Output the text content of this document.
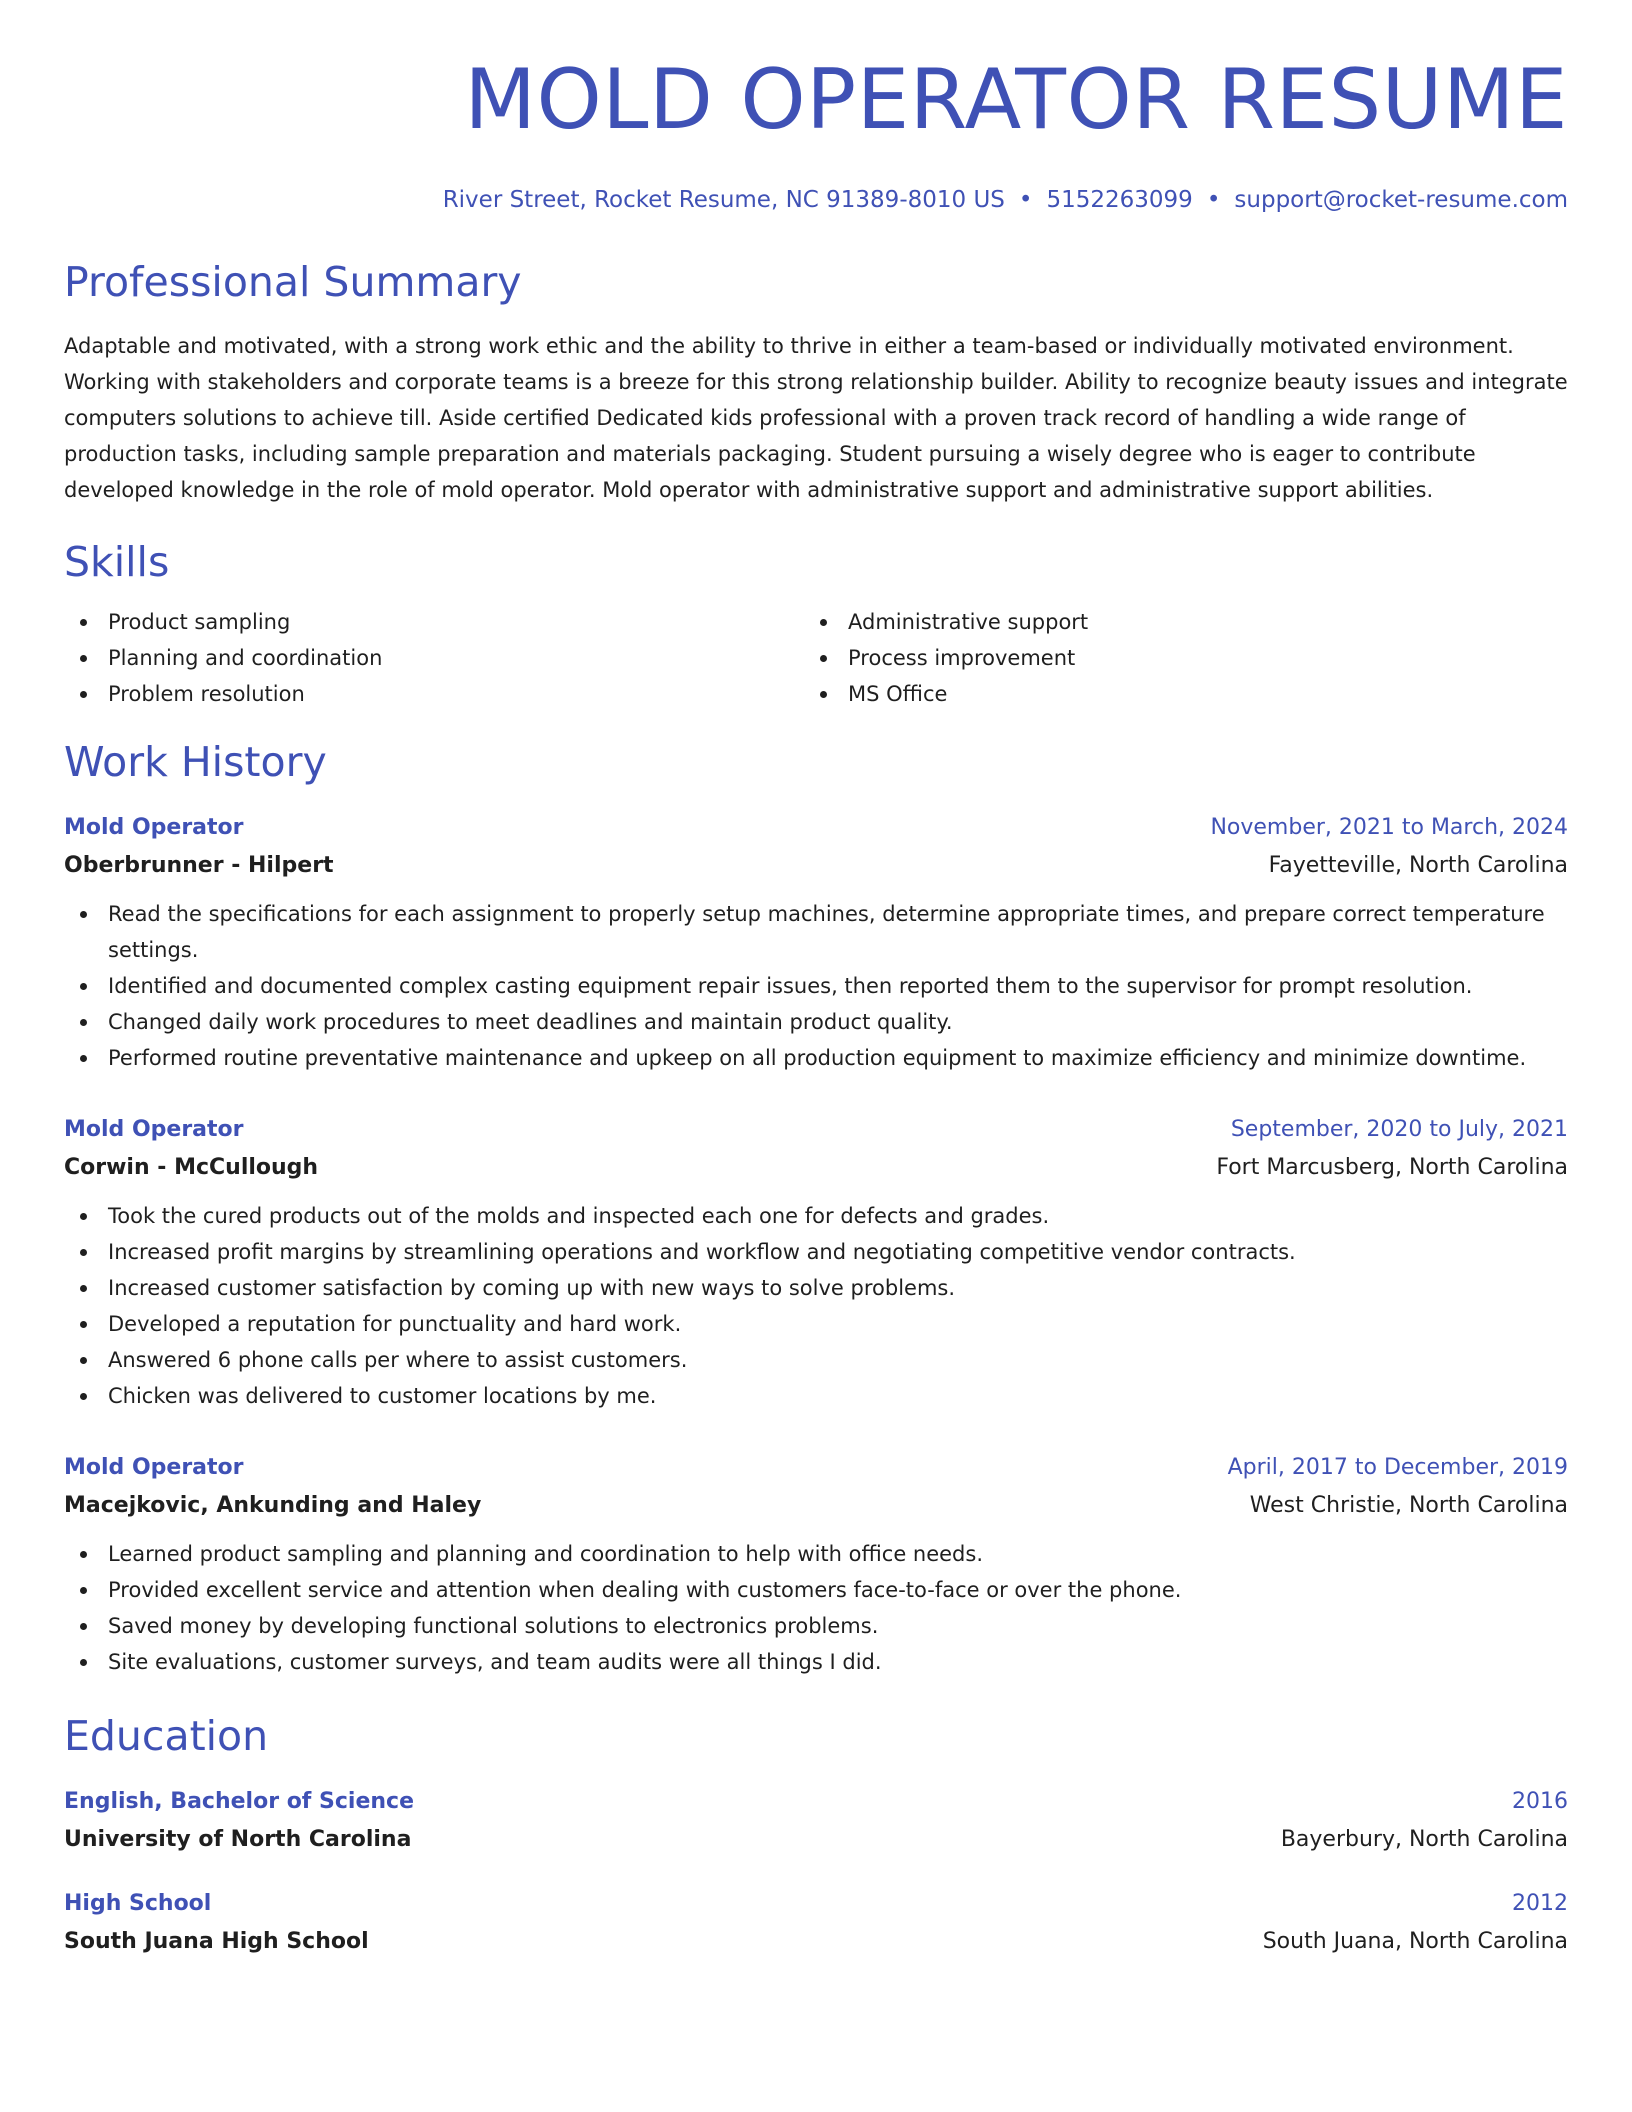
MOLD OPERATOR RESUME
River Street, Rocket Resume, NC 91389-8010 US • 5152263099 • support@rocket-resume.com
Professional Summary

Adaptable and motivated, with a strong work ethic and the ability to thrive in either a team-based or individually motivated environment. Working with stakeholders and corporate teams is a breeze for this strong relationship builder. Ability to recognize beauty issues and integrate computers solutions to achieve till. Aside certified Dedicated kids professional with a proven track record of handling a wide range of production tasks, including sample preparation and materials packaging. Student pursuing a wisely degree who is eager to contribute developed knowledge in the role of mold operator. Mold operator with administrative support and administrative support abilities.

Skills
Product sampling
Planning and coordination
Problem resolution
Administrative support
Process improvement
MS Office
Work History
Mold Operator	November, 2021 to March, 2024
Oberbrunner - Hilpert	Fayetteville, North Carolina
Read the specifications for each assignment to properly setup machines, determine appropriate times, and prepare correct temperature settings.
Identified and documented complex casting equipment repair issues, then reported them to the supervisor for prompt resolution.
Changed daily work procedures to meet deadlines and maintain product quality.
Performed routine preventative maintenance and upkeep on all production equipment to maximize efficiency and minimize downtime.
Mold Operator	September, 2020 to July, 2021
Corwin - McCullough	Fort Marcusberg, North Carolina
Took the cured products out of the molds and inspected each one for defects and grades.
Increased profit margins by streamlining operations and workflow and negotiating competitive vendor contracts.
Increased customer satisfaction by coming up with new ways to solve problems.
Developed a reputation for punctuality and hard work.
Answered 6 phone calls per where to assist customers.
Chicken was delivered to customer locations by me.
Mold Operator	April, 2017 to December, 2019
Macejkovic, Ankunding and Haley	West Christie, North Carolina
Learned product sampling and planning and coordination to help with office needs.
Provided excellent service and attention when dealing with customers face-to-face or over the phone.
Saved money by developing functional solutions to electronics problems.
Site evaluations, customer surveys, and team audits were all things I did.
Education
English, Bachelor of Science	2016
University of North Carolina	Bayerbury, North Carolina
High School	2012
South Juana High School	South Juana, North Carolina
